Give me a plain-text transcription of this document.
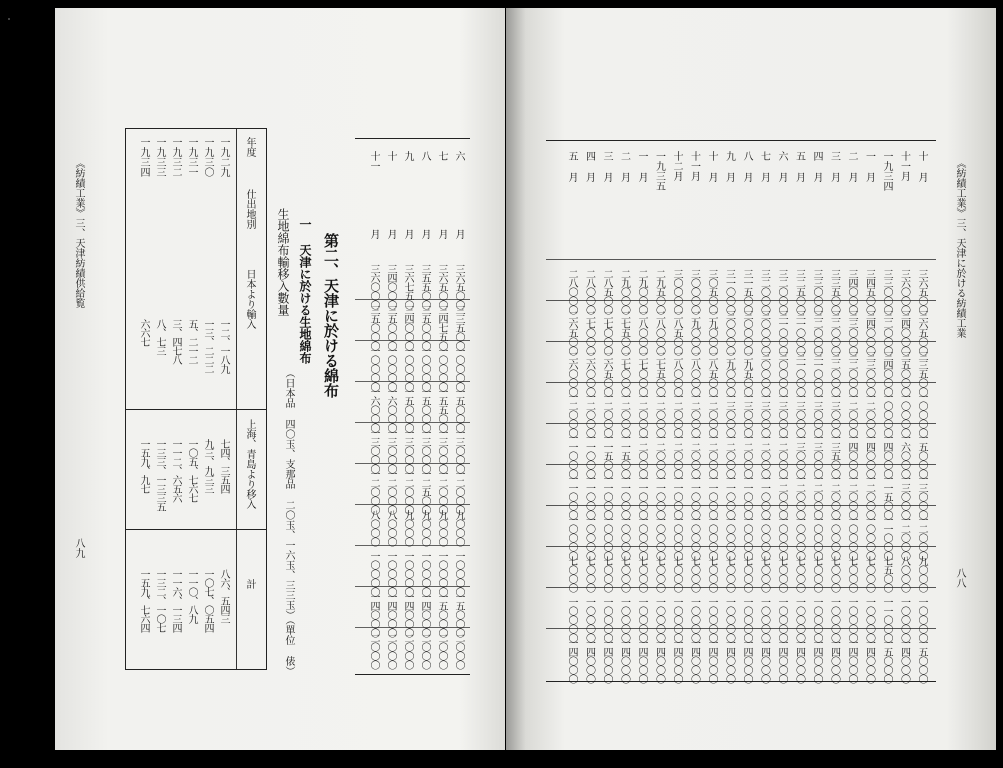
《紡績工業》三、天津紡績供給覧
八九
年度
仕出地別
日本より輸入
上海、青島より移入
計
一九二九
一二、一八九
七四、三五四
八六、五四三
一九三〇
一三、二二二
九三、九三三
一〇七、〇五四
一九三一
五、二一二
一〇五、七六七
一一〇、八九
一九三二
三、四七八
一一二、六五六
一一六、一三四
一九三三
八、七三
一三三、一三三五
一三二、一〇七
一九三四
六六七
一五九、九七
一五九、七六四
生地綿布輸移入數量 一 天津に於ける生地綿布
（日本品 四〇玉、支那品 二〇玉、一六玉、三三玉）（單位 俵）
第二、天津に於ける綿布
六
月
三六五〇〇
三三五〇〇
一〇〇〇〇
一五〇〇〇
一三〇〇〇
一二〇〇〇
九〇〇〇
一〇〇〇〇
一五〇〇〇
二〇〇〇
七
月
三六五〇〇
三四七五〇
一〇〇〇〇
一五五〇〇
一三〇〇〇
一二〇〇〇
九〇〇〇
一〇〇〇〇
一五〇〇〇
二〇〇〇
八
月
三五五〇〇
三五〇〇〇
一〇〇〇〇
一五〇〇〇
一三〇〇〇
一二五〇〇
九〇〇〇
一〇〇〇〇
一四〇〇〇
二〇〇〇
九
月
三六七五〇
三四〇〇〇
一〇〇〇〇
一五〇〇〇
一三〇〇〇
一二〇〇〇
九〇〇〇
一〇〇〇〇
一四〇〇〇
二〇〇〇
十
月
三四〇〇〇
三五〇〇〇
一〇〇〇〇
一六〇〇〇
一三〇〇〇
一二〇〇〇
八〇〇〇
一〇〇〇〇
一四〇〇〇
二〇〇〇
十一
月
三六〇〇〇
三五〇〇〇
一〇〇〇〇
一六〇〇〇
一三〇〇〇
一二〇〇〇
八〇〇〇
一〇〇〇〇
一四〇〇〇
二〇〇〇
《紡績工業》三、天津に於ける紡績工業
八八
十 月
三六五〇〇
三六五〇〇
三三五〇〇
一〇〇〇〇
一五〇〇〇
一三〇〇〇
一二〇〇〇
九〇〇〇
一〇〇〇〇
一五〇〇〇
十一月
三六〇〇〇
三四〇〇〇
三五〇〇〇
一〇〇〇〇
一六〇〇〇
一三〇〇〇
一二〇〇〇
八〇〇〇
一〇〇〇〇
一四〇〇〇
一九三四
三三〇〇〇
三二〇〇〇
三四〇〇〇
一〇〇〇〇
一四〇〇〇
一一五〇〇
一一〇〇〇
七五〇〇
一一〇〇〇
一五〇〇〇
一 月
三四五〇〇
三四〇〇〇
三三〇〇〇
一二〇〇〇
一四〇〇〇
一二〇〇〇
一〇〇〇〇
七〇〇〇
一〇〇〇〇
一四〇〇〇
二 月
三四〇〇〇
三三〇〇〇
三二〇〇〇
一二〇〇〇
一四〇〇〇
一二〇〇〇
一〇〇〇〇
七〇〇〇
一〇〇〇〇
一四〇〇〇
三 月
三三五〇〇
三二〇〇〇
三二〇〇〇
一三〇〇〇
一三五〇〇
一二〇〇〇
一〇〇〇〇
七〇〇〇
一〇〇〇〇
一四〇〇〇
四 月
三三〇〇〇
三二〇〇〇
三一〇〇〇
一三〇〇〇
一三〇〇〇
一二〇〇〇
一〇〇〇〇
七〇〇〇
一〇〇〇〇
一四〇〇〇
五 月
三二五〇〇
三一〇〇〇
三一〇〇〇
一三〇〇〇
一三〇〇〇
一二〇〇〇
一〇〇〇〇
七〇〇〇
一〇〇〇〇
一四〇〇〇
六 月
三二〇〇〇
三一〇〇〇
三〇〇〇〇
一三〇〇〇
一二〇〇〇
一二〇〇〇
一〇〇〇〇
七〇〇〇
一〇〇〇〇
一四〇〇〇
七 月
三二〇〇〇
三〇〇〇〇
三〇〇〇〇
一三〇〇〇
一二〇〇〇
一一〇〇〇
一〇〇〇〇
七〇〇〇
一〇〇〇〇
一四〇〇〇
八 月
三一五〇〇
三〇〇〇〇
二九五〇〇
一三〇〇〇
一二〇〇〇
一一〇〇〇
一〇〇〇〇
七〇〇〇
一〇〇〇〇
一四〇〇〇
九 月
三一〇〇〇
三〇〇〇〇
二九〇〇〇
一三〇〇〇
一二〇〇〇
一一〇〇〇
一〇〇〇〇
七〇〇〇
一〇〇〇〇
一四〇〇〇
十 月
三〇五〇〇
二九〇〇〇
二八五〇〇
一二〇〇〇
一二〇〇〇
一一〇〇〇
一〇〇〇〇
七〇〇〇
一〇〇〇〇
一四〇〇〇
十一月
三〇〇〇〇
二九〇〇〇
二八〇〇〇
一二〇〇〇
一二〇〇〇
一一〇〇〇
一〇〇〇〇
七〇〇〇
一〇〇〇〇
一四〇〇〇
十二月
三〇〇〇〇
二八五〇〇
二八〇〇〇
一二〇〇〇
一二〇〇〇
一一〇〇〇
一〇〇〇〇
七〇〇〇
一〇〇〇〇
一四〇〇〇
一九三五
二九五〇〇
二八〇〇〇
二七五〇〇
一二〇〇〇
一二〇〇〇
一一〇〇〇
一〇〇〇〇
七〇〇〇
一〇〇〇〇
一四〇〇〇
一 月
二九〇〇〇
二八〇〇〇
二七〇〇〇
一二〇〇〇
一二〇〇〇
一一〇〇〇
一〇〇〇〇
七〇〇〇
一〇〇〇〇
一四〇〇〇
二 月
二九〇〇〇
二七五〇〇
二七〇〇〇
一二〇〇〇
一一五〇〇
一一〇〇〇
一〇〇〇〇
七〇〇〇
一〇〇〇〇
一四〇〇〇
三 月
二八五〇〇
二七〇〇〇
二六五〇〇
一二〇〇〇
一一五〇〇
一一〇〇〇
一〇〇〇〇
七〇〇〇
一〇〇〇〇
一四〇〇〇
四 月
二八〇〇〇
二七〇〇〇
二六〇〇〇
一二〇〇〇
一一〇〇〇
一一〇〇〇
一〇〇〇〇
七〇〇〇
一〇〇〇〇
一四〇〇〇
五 月
二八〇〇〇
二六五〇〇
二六〇〇〇
一二〇〇〇
一一〇〇〇
一一〇〇〇
一〇〇〇〇
七〇〇〇
一〇〇〇〇
一四〇〇〇
